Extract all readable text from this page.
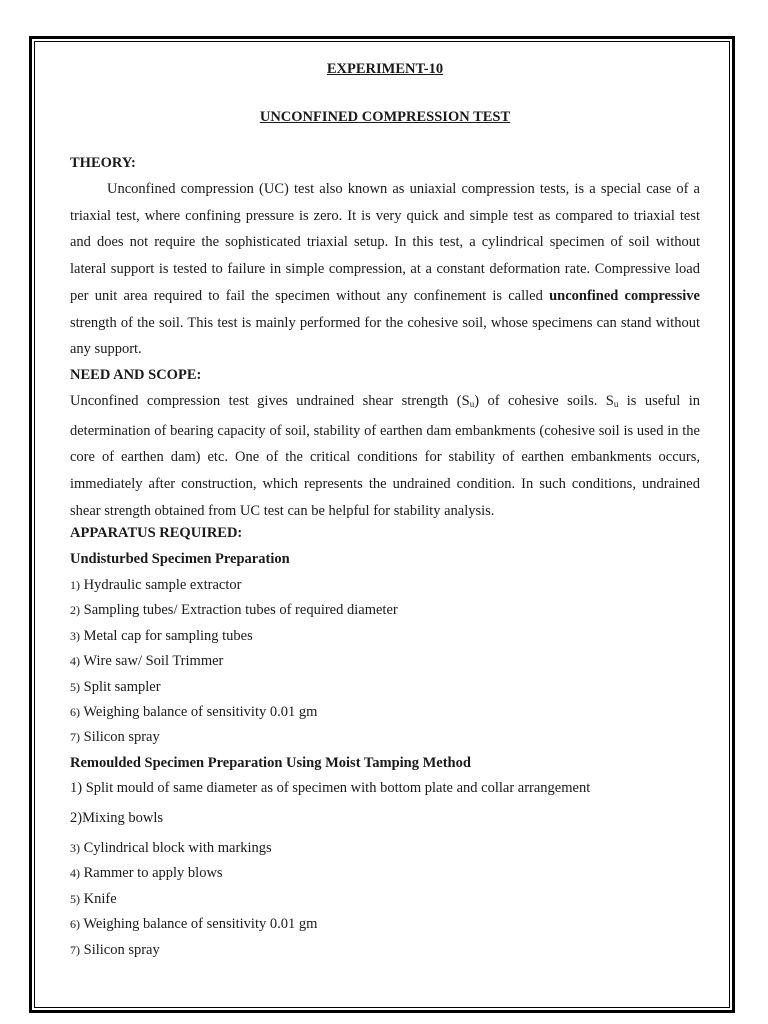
EXPERIMENT-10
UNCONFINED COMPRESSION TEST
THEORY:
Unconfined compression (UC) test also known as uniaxial compression tests, is a special case of a triaxial test, where confining pressure is zero. It is very quick and simple test as compared to triaxial test and does not require the sophisticated triaxial setup. In this test, a cylindrical specimen of soil without lateral support is tested to failure in simple compression, at a constant deformation rate. Compressive load per unit area required to fail the specimen without any confinement is called unconfined compressive strength of the soil. This test is mainly performed for the cohesive soil, whose specimens can stand without any support.
NEED AND SCOPE:
Unconfined compression test gives undrained shear strength $(S_u)$ of cohesive soils. $S_u$ is useful in determination of bearing capacity of soil, stability of earthen dam embankments (cohesive soil is used in the core of earthen dam) etc. One of the critical conditions for stability of earthen embankments occurs, immediately after construction, which represents the undrained condition. In such conditions, undrained shear strength obtained from UC test can be helpful for stability analysis.
APPARATUS REQUIRED:
Undisturbed Specimen Preparation
1) Hydraulic sample extractor
2) Sampling tubes/ Extraction tubes of required diameter
3) Metal cap for sampling tubes
4) Wire saw/ Soil Trimmer
5) Split sampler
6) Weighing balance of sensitivity 0.01 gm
7) Silicon spray
Remoulded Specimen Preparation Using Moist Tamping Method
1) Split mould of same diameter as of specimen with bottom plate and collar arrangement
2)Mixing bowls
3) Cylindrical block with markings
4) Rammer to apply blows
5) Knife
6) Weighing balance of sensitivity 0.01 gm
7) Silicon spray
